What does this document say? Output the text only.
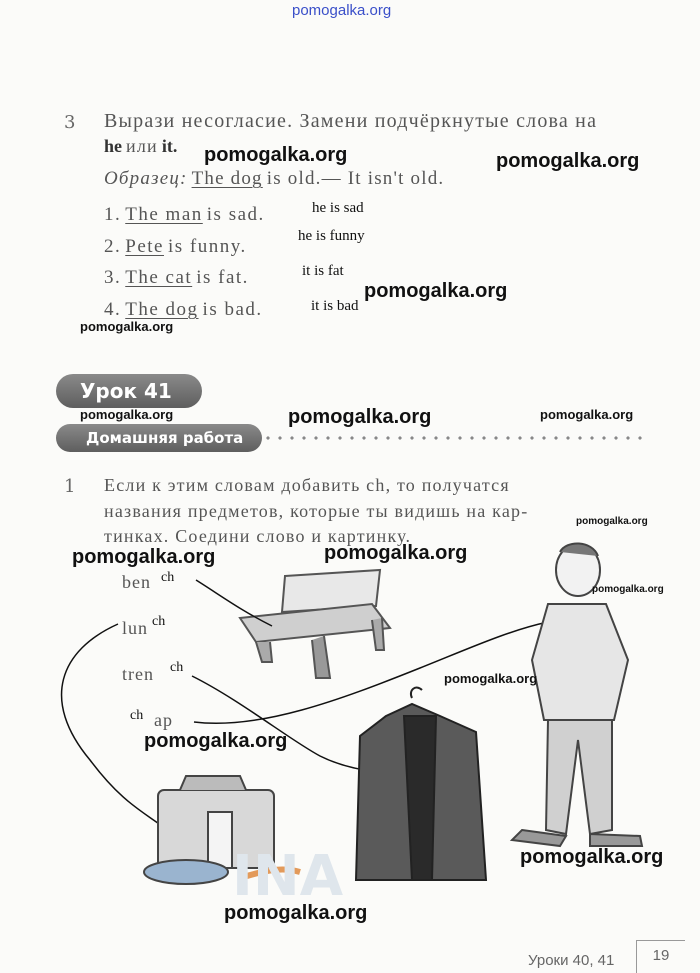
pomogalka.org
3 Вырази несогласие. Замени подчёркнутые слова на
he или it.
Образец: The dog is old.— It isn't old.
1. The man is sad.	he is sad
2. Pete is funny.	he is funny
3. The cat is fat.	it is fat
4. The dog is bad.	it is bad
Урок 41
Домашняя работа
1 Если к этим словам добавить ch, то получатся
названия предметов, которые ты видишь на кар-
тинках. Соедини слово и картинку.
ben ch
lun ch
tren ch
ch ap
INA
pomogalka.org	pomogalka.org
pomogalka.org
pomogalka.org
pomogalka.org	pomogalka.org	pomogalka.org
pomogalka.org
pomogalka.org	pomogalka.org
pomogalka.org
pomogalka.org
pomogalka.org
pomogalka.org
pomogalka.org
Уроки 40, 41	19
